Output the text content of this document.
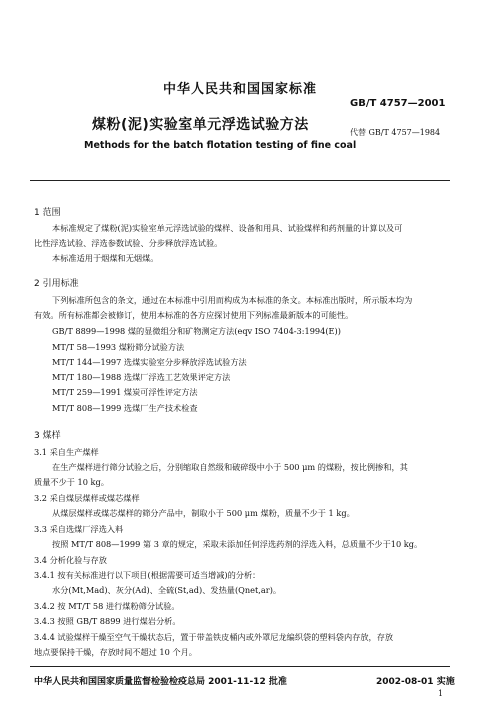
中华人民共和国国家标准
GB/T 4757—2001
煤粉(泥)实验室单元浮选试验方法	代替 GB/T 4757—1984
Methods for the batch flotation testing of fine coal
1 范围
本标准规定了煤粉(泥)实验室单元浮选试验的煤样、设备和用具、试验煤样和药剂量的计算以及可
比性浮选试验、浮选参数试验、分步释放浮选试验。
本标准适用于烟煤和无烟煤。
2 引用标准
下列标准所包含的条文，通过在本标准中引用而构成为本标准的条文。本标准出版时，所示版本均为
有效。所有标准都会被修订，使用本标准的各方应探讨使用下列标准最新版本的可能性。
GB/T 8899—1998 煤的显微组分和矿物测定方法(eqv ISO 7404-3:1994(E))
MT/T 58—1993 煤粉筛分试验方法
MT/T 144—1997 选煤实验室分步释放浮选试验方法
MT/T 180—1988 选煤厂浮选工艺效果评定方法
MT/T 259—1991 煤炭可浮性评定方法
MT/T 808—1999 选煤厂生产技术检查
3 煤样
3.1 采自生产煤样
在生产煤样进行筛分试验之后，分别缩取自然级和破碎级中小于 500 μm 的煤粉，按比例掺和，其
质量不少于 10 kg。
3.2 采自煤层煤样或煤芯煤样
从煤层煤样或煤芯煤样的筛分产品中，制取小于 500 μm 煤粉，质量不少于 1 kg。
3.3 采自选煤厂浮选入料
按照 MT/T 808—1999 第 3 章的规定，采取未添加任何浮选药剂的浮选入料，总质量不少于10 kg。
3.4 分析化验与存放
3.4.1 按有关标准进行以下项目(根据需要可适当增减)的分析：
水分(Mt,Mad)、灰分(Ad)、全硫(St,ad)、发热量(Qnet,ar)。
3.4.2 按 MT/T 58 进行煤粉筛分试验。
3.4.3 按照 GB/T 8899 进行煤岩分析。
3.4.4 试验煤样干燥至空气干燥状态后，置于带盖铁皮桶内或外罩尼龙编织袋的塑料袋内存放，存放
地点要保持干燥，存放时间不超过 10 个月。
中华人民共和国国家质量监督检验检疫总局 2001-11-12 批准	2002-08-01 实施
1
